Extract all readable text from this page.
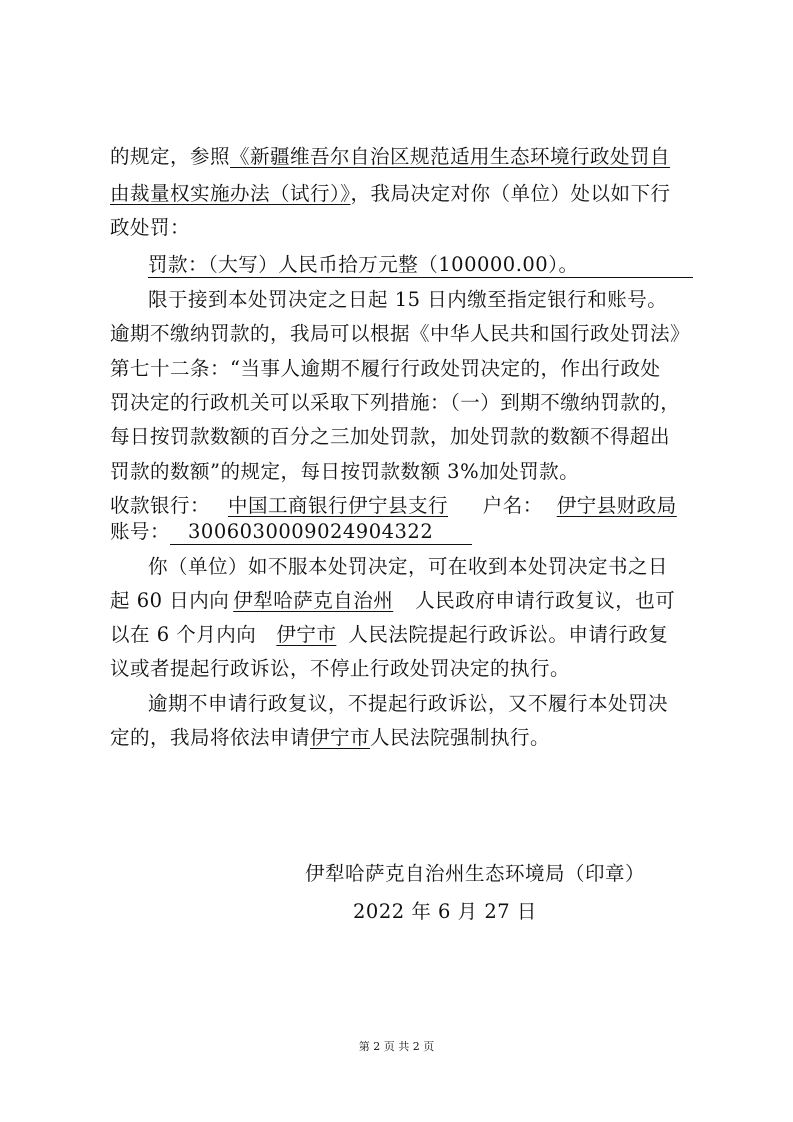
的规定，参照《新疆维吾尔自治区规范适用生态环境行政处罚自
由裁量权实施办法（试行）》，我局决定对你（单位）处以如下行
政处罚：
罚款：（大写）人民币拾万元整（100000.00）。
限于接到本处罚决定之日起 15 日内缴至指定银行和账号。
逾期不缴纳罚款的，我局可以根据《中华人民共和国行政处罚法》
第七十二条：“当事人逾期不履行行政处罚决定的，作出行政处
罚决定的行政机关可以采取下列措施：（一）到期不缴纳罚款的，
每日按罚款数额的百分之三加处罚款，加处罚款的数额不得超出
罚款的数额”的规定，每日按罚款数额 3%加处罚款。
收款银行： 中国工商银行伊宁县支行 户名： 伊宁县财政局
账号： 3006030009024904322
你（单位）如不服本处罚决定，可在收到本处罚决定书之日
起 60 日内向 伊犁哈萨克自治州 人民政府申请行政复议，也可
以在 6 个月内向 伊宁市 人民法院提起行政诉讼。申请行政复
议或者提起行政诉讼，不停止行政处罚决定的执行。
逾期不申请行政复议，不提起行政诉讼，又不履行本处罚决
定的，我局将依法申请伊宁市人民法院强制执行。
伊犁哈萨克自治州生态环境局（印章）
2022 年 6 月 27 日
第 2 页 共 2 页
